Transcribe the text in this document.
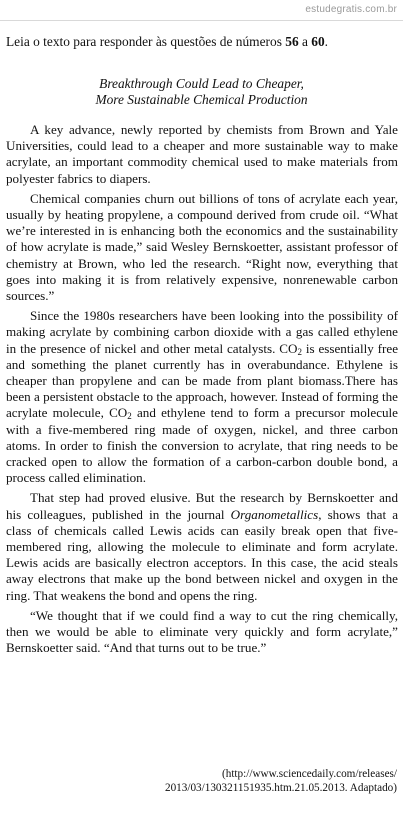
estudegratis.com.br
Leia o texto para responder às questões de números 56 a 60.
Breakthrough Could Lead to Cheaper,
More Sustainable Chemical Production

A key advance, newly reported by chemists from Brown and Yale Universities, could lead to a cheaper and more sustainable way to make acrylate, an important commodity chemical used to make materials from polyester fabrics to diapers.

Chemical companies churn out billions of tons of acrylate each year, usually by heating propylene, a compound derived from crude oil. “What we’re interested in is enhancing both the economics and the sustainability of how acrylate is made,” said Wesley Bernskoetter, assistant professor of chemistry at Brown, who led the research. “Right now, everything that goes into making it is from relatively expensive, nonrenewable carbon sources.”

Since the 1980s researchers have been looking into the possibility of making acrylate by combining carbon dioxide with a gas called ethylene in the presence of nickel and other metal catalysts. $CO_2$ is essentially free and something the planet currently has in overabundance. Ethylene is cheaper than propylene and can be made from plant biomass.There has been a persistent obstacle to the approach, however. Instead of forming the acrylate molecule, $CO_2$ and ethylene tend to form a precursor molecule with a five-membered ring made of oxygen, nickel, and three carbon atoms. In order to finish the conversion to acrylate, that ring needs to be cracked open to allow the formation of a carbon-carbon double bond, a process called elimination.

That step had proved elusive. But the research by Bernskoetter and his colleagues, published in the journal Organometallics, shows that a class of chemicals called Lewis acids can easily break open that five-membered ring, allowing the molecule to eliminate and form acrylate. Lewis acids are basically electron acceptors. In this case, the acid steals away electrons that make up the bond between nickel and oxygen in the ring. That weakens the bond and opens the ring.

“We thought that if we could find a way to cut the ring chemically, then we would be able to eliminate very quickly and form acrylate,” Bernskoetter said. “And that turns out to be true.”

(http://www.sciencedaily.com/releases/
2013/03/130321151935.htm.21.05.2013. Adaptado)
